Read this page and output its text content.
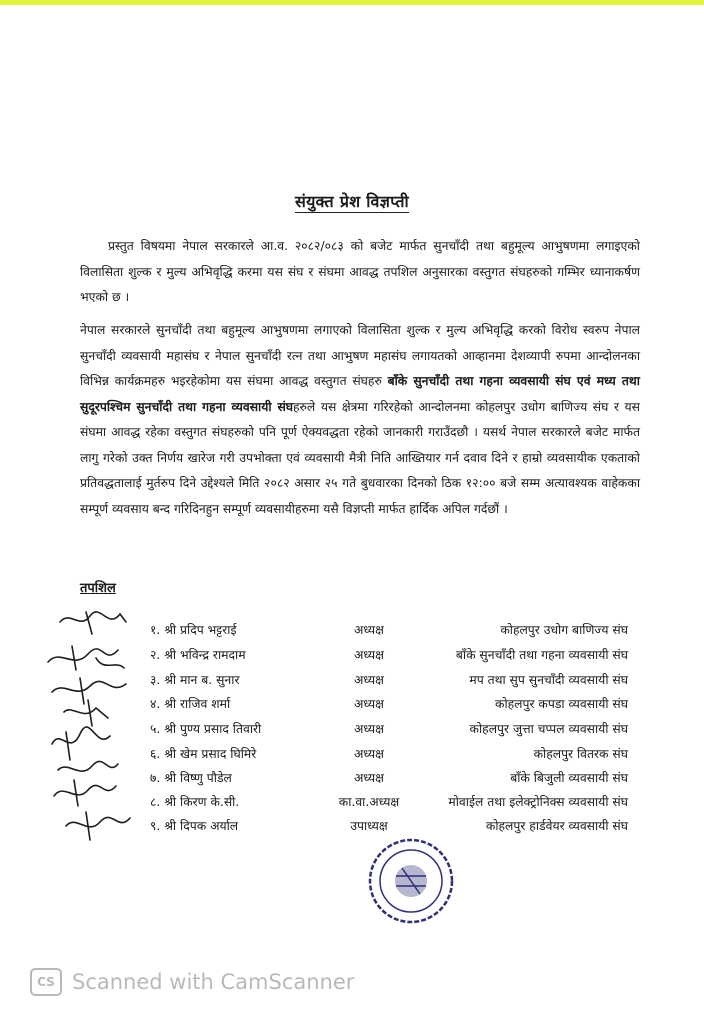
संयुक्त प्रेश विज्ञप्ती

प्रस्तुत विषयमा नेपाल सरकारले आ.व. २०८२/०८३ को बजेट मार्फत सुनचाँदी तथा बहुमूल्य आभुषणमा लगाइएको विलासिता शुल्क र मुल्य अभिवृद्धि करमा यस संघ र संघमा आवद्ध तपशिल अनुसारका वस्तुगत संघहरुको गम्भिर ध्यानाकर्षण भएको छ ।

नेपाल सरकारले सुनचाँदी तथा बहुमूल्य आभुषणमा लगाएको विलासिता शुल्क र मुल्य अभिवृद्धि करको विरोध स्वरुप नेपाल सुनचाँदी व्यवसायी महासंघ र नेपाल सुनचाँदी रत्न तथा आभुषण महासंघ लगायतको आव्हानमा देशव्यापी रुपमा आन्दोलनका विभिन्न कार्यक्रमहरु भइरहेकोमा यस संघमा आवद्ध वस्तुगत संघहरु बाँके सुनचाँदी तथा गहना व्यवसायी संघ एवं मध्य तथा सुदूरपश्चिम सुनचाँदी तथा गहना व्यवसायी संघहरुले यस क्षेत्रमा गरिरहेको आन्दोलनमा कोहलपुर उधोग बाणिज्य संघ र यस संघमा आवद्ध रहेका वस्तुगत संघहरुको पनि पूर्ण ऐक्यवद्धता रहेको जानकारी गराउँदछौ । यसर्थ नेपाल सरकारले बजेट मार्फत लागु गरेको उक्त निर्णय खारेज गरी उपभोक्ता एवं व्यवसायी मैत्री निति आख्तियार गर्न दवाव दिने र हाम्रो व्यवसायीक एकताको प्रतिवद्धतालाई मुर्तरुप दिने उद्देश्यले मिति २०८२ असार २५ गते बुधवारका दिनको ठिक १२:०० बजे सम्म अत्यावश्यक वाहेकका सम्पूर्ण व्यवसाय बन्द गरिदिनहुन सम्पूर्ण व्यवसायीहरुमा यसै विज्ञप्ती मार्फत हार्दिक अपिल गर्दछौं ।

तपशिल
१. श्री प्रदिप भट्टराई	अध्यक्ष	कोहलपुर उधोग बाणिज्य संघ
२. श्री भविन्द्र रामदाम	अध्यक्ष	बाँके सुनचाँदी तथा गहना व्यवसायी संघ
३. श्री मान ब. सुनार	अध्यक्ष	मप तथा सुप सुनचाँदी व्यवसायी संघ
४. श्री राजिव शर्मा	अध्यक्ष	कोहलपुर कपडा व्यवसायी संघ
५. श्री पुण्य प्रसाद तिवारी	अध्यक्ष	कोहलपुर जुत्ता चप्पल व्यवसायी संघ
६. श्री खेम प्रसाद घिमिरे	अध्यक्ष	कोहलपुर वितरक संघ
७. श्री विष्णु पौडेल	अध्यक्ष	बाँके बिजुली व्यवसायी संघ
८. श्री किरण के.सी.	का.वा.अध्यक्ष	मोवाईल तथा इलेक्ट्रोनिक्स व्यवसायी संघ
९. श्री दिपक अर्याल	उपाध्यक्ष	कोहलपुर हार्डवेयर व्यवसायी संघ
CS Scanned with CamScanner
